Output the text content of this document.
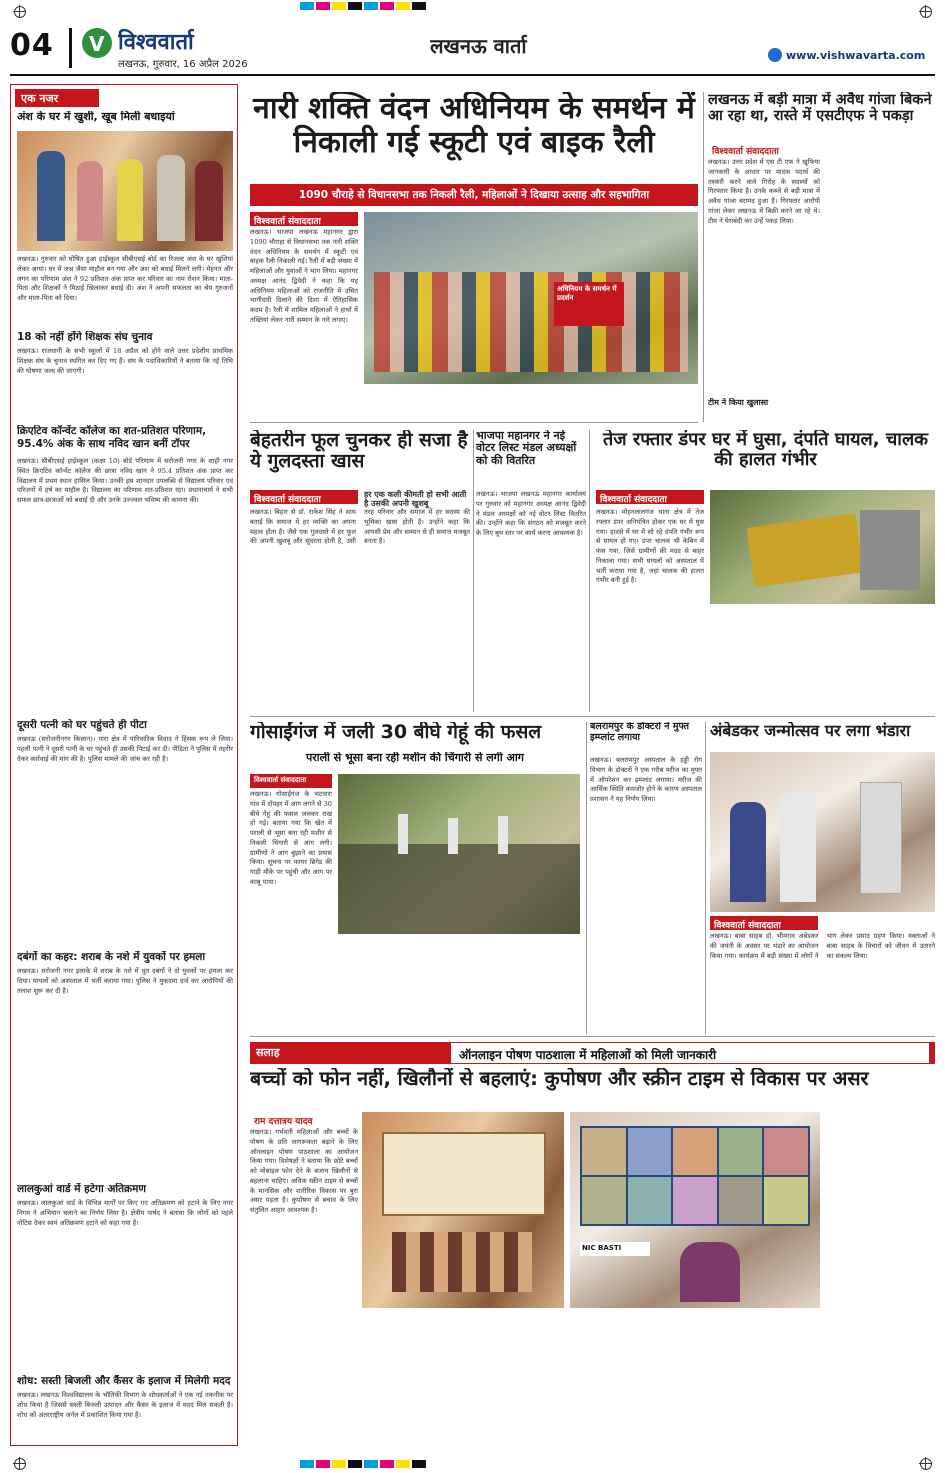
04	V विश्ववार्ता
लखनऊ, गुरुवार, 16 अप्रैल 2026
लखनऊ वार्ता	www.vishwavarta.com
एक नजर
अंश के घर में खुशी, खूब मिली बधाइयां
लखनऊ। गुरुवार को घोषित हुआ हाईस्कूल सीबीएसई बोर्ड का रिजल्ट अंश के घर खुशियां लेकर आया। घर में जश्न जैसा माहौल बन गया और अंश को बधाई मिलने लगी। मेहनत और लगन का परिणाम अंश ने 92 प्रतिशत अंक प्राप्त कर परिवार का नाम रोशन किया। माता-पिता और शिक्षकों ने मिठाई खिलाकर बधाई दी। अंश ने अपनी सफलता का श्रेय गुरुजनों और माता-पिता को दिया।
18 को नहीं होंगे शिक्षक संघ चुनाव
लखनऊ। राजधानी के सभी स्कूलों में 18 अप्रैल को होने वाले उत्तर प्रदेशीय प्राथमिक शिक्षक संघ के चुनाव स्थगित कर दिए गए हैं। संघ के पदाधिकारियों ने बताया कि नई तिथि की घोषणा जल्द की जाएगी।
क्रिएटिव कॉन्वेंट कॉलेज का शत-प्रतिशत परिणाम, 95.4% अंक के साथ नविद खान बनीं टॉपर
लखनऊ। सीबीएसई हाईस्कूल (कक्षा 10) बोर्ड परिणाम में सरोजनी नगर के शाही नगर स्थित क्रिएटिव कॉन्वेंट कॉलेज की छात्रा नविद खान ने 95.4 प्रतिशत अंक प्राप्त कर विद्यालय में प्रथम स्थान हासिल किया। उनकी इस शानदार उपलब्धि से विद्यालय परिवार एवं परिजनों में हर्ष का माहौल है। विद्यालय का परिणाम शत-प्रतिशत रहा। प्रधानाचार्य ने सभी सफल छात्र-छात्राओं को बधाई दी और उनके उज्ज्वल भविष्य की कामना की।
दूसरी पत्नी को घर पहुंचते ही पीटा
लखनऊ (सरोजनीनगर किसान)। पारा क्षेत्र में पारिवारिक विवाद ने हिंसक रूप ले लिया। पहली पत्नी ने दूसरी पत्नी के घर पहुंचते ही उसकी पिटाई कर दी। पीड़िता ने पुलिस में तहरीर देकर कार्रवाई की मांग की है। पुलिस मामले की जांच कर रही है।
दबंगों का कहर: शराब के नशे में युवकों पर हमला
लखनऊ। सरोजनी नगर इलाके में शराब के नशे में धुत दबंगों ने दो युवकों पर हमला कर दिया। घायलों को अस्पताल में भर्ती कराया गया। पुलिस ने मुकदमा दर्ज कर आरोपियों की तलाश शुरू कर दी है।
लालकुआं वार्ड में हटेगा अतिक्रमण
लखनऊ। लालकुआं वार्ड के विभिन्न मार्गों पर किए गए अतिक्रमण को हटाने के लिए नगर निगम ने अभियान चलाने का निर्णय लिया है। क्षेत्रीय पार्षद ने बताया कि लोगों को पहले नोटिस देकर स्वयं अतिक्रमण हटाने को कहा गया है।
शोध: सस्ती बिजली और कैंसर के इलाज में मिलेगी मदद
लखनऊ। लखनऊ विश्वविद्यालय के भौतिकी विभाग के शोधकर्ताओं ने एक नई तकनीक पर शोध किया है जिससे सस्ती बिजली उत्पादन और कैंसर के इलाज में मदद मिल सकती है। शोध को अंतरराष्ट्रीय जर्नल में प्रकाशित किया गया है।
नारी शक्ति वंदन अधिनियम के समर्थन में निकाली गई स्कूटी एवं बाइक रैली
1090 चौराहे से विधानसभा तक निकली रैली, महिलाओं ने दिखाया उत्साह और सहभागिता
विश्ववार्ता संवाददाता
लखनऊ। भाजपा लखनऊ महानगर द्वारा 1090 चौराहा से विधानसभा तक नारी शक्ति वंदन अधिनियम के समर्थन में स्कूटी एवं बाइक रैली निकाली गई। रैली में बड़ी संख्या में महिलाओं और युवाओं ने भाग लिया। महानगर अध्यक्ष आनंद द्विवेदी ने कहा कि यह अधिनियम महिलाओं को राजनीति में उचित भागीदारी दिलाने की दिशा में ऐतिहासिक कदम है। रैली में शामिल महिलाओं ने हाथों में तख्तियां लेकर नारी सम्मान के नारे लगाए।
अधिनियम के समर्थन में प्रदर्शन
लखनऊ में बड़ी मात्रा में अवैध गांजा बिकने आ रहा था, रास्ते में एसटीएफ ने पकड़ा
विश्ववार्ता संवाददाता
लखनऊ। उत्तर प्रदेश में एस टी एफ ने खुफिया जानकारी के आधार पर मादक पदार्थ की तस्करी करने वाले गिरोह के सदस्यों को गिरफ्तार किया है। उनके कब्जे से बड़ी मात्रा में अवैध गांजा बरामद हुआ है। गिरफ्तार आरोपी गांजा लेकर लखनऊ में बिक्री करने आ रहे थे। टीम ने घेराबंदी कर उन्हें पकड़ लिया।
टीम ने किया खुलासा
बेहतरीन फूल चुनकर ही सजा है ये गुलदस्ता खास
विश्ववार्ता संवाददाता
हर एक कली कीमती हो सभी आती है उसकी अपनी खुशबू
लखनऊ। बिहार से डॉ. राकेश सिंह ने साथ बताई कि समाज में हर व्यक्ति का अपना महत्व होता है। जैसे एक गुलदस्ते में हर फूल की अपनी खुशबू और सुंदरता होती है, उसी तरह परिवार और समाज में हर सदस्य की भूमिका खास होती है। उन्होंने कहा कि आपसी प्रेम और सम्मान से ही समाज मजबूत बनता है।
भाजपा महानगर ने नई वोटर लिस्ट मंडल अध्यक्षों को की वितरित
लखनऊ। भाजपा लखनऊ महानगर कार्यालय पर गुरुवार को महानगर अध्यक्ष आनंद द्विवेदी ने मंडल अध्यक्षों को नई वोटर लिस्ट वितरित की। उन्होंने कहा कि संगठन को मजबूत करने के लिए बूथ स्तर पर कार्य करना आवश्यक है।
तेज रफ्तार डंपर घर में घुसा, दंपति घायल, चालक की हालत गंभीर
विश्ववार्ता संवाददाता
लखनऊ। मोहनलालगंज थाना क्षेत्र में तेज रफ्तार डंपर अनियंत्रित होकर एक घर में घुस गया। हादसे में घर में सो रहे दंपति गंभीर रूप से घायल हो गए। डंपर चालक भी केबिन में फंस गया, जिसे ग्रामीणों की मदद से बाहर निकाला गया। सभी घायलों को अस्पताल में भर्ती कराया गया है, जहां चालक की हालत गंभीर बनी हुई है।
गोसाईंगंज में जली 30 बीघे गेहूं की फसल
पराली से भूसा बना रही मशीन की चिंगारी से लगी आग
विश्ववार्ता संवाददाता
लखनऊ। गोसाईंगंज के भटवारा गांव में दोपहर में आग लगने से 30 बीघे गेहूं की फसल जलकर राख हो गई। बताया गया कि खेत में पराली से भूसा बना रही मशीन से निकली चिंगारी से आग लगी। ग्रामीणों ने आग बुझाने का प्रयास किया। सूचना पर फायर ब्रिगेड की गाड़ी मौके पर पहुंची और आग पर काबू पाया।
बलरामपुर के डॉक्टरों ने मुफ्त इम्प्लांट लगाया
लखनऊ। बलरामपुर अस्पताल के हड्डी रोग विभाग के डॉक्टरों ने एक गरीब मरीज का मुफ्त में ऑपरेशन कर इम्प्लांट लगाया। मरीज की आर्थिक स्थिति कमजोर होने के कारण अस्पताल प्रशासन ने यह निर्णय लिया।
अंबेडकर जन्मोत्सव पर लगा भंडारा
विश्ववार्ता संवाददाता
लखनऊ। बाबा साहब डॉ. भीमराव अंबेडकर की जयंती के अवसर पर भंडारे का आयोजन किया गया। कार्यक्रम में बड़ी संख्या में लोगों ने भाग लेकर प्रसाद ग्रहण किया। वक्ताओं ने बाबा साहब के विचारों को जीवन में उतारने का संकल्प लिया।
सलाह	ऑनलाइन पोषण पाठशाला में महिलाओं को मिली जानकारी
बच्चों को फोन नहीं, खिलौनों से बहलाएं: कुपोषण और स्क्रीन टाइम से विकास पर असर
राम दत्तात्रय यादव
लखनऊ। गर्भवती महिलाओं और बच्चों के पोषण के प्रति जागरूकता बढ़ाने के लिए ऑनलाइन पोषण पाठशाला का आयोजन किया गया। विशेषज्ञों ने बताया कि छोटे बच्चों को मोबाइल फोन देने के बजाय खिलौनों से बहलाना चाहिए। अधिक स्क्रीन टाइम से बच्चों के मानसिक और शारीरिक विकास पर बुरा असर पड़ता है। कुपोषण से बचाव के लिए संतुलित आहार आवश्यक है।
NIC BASTI
